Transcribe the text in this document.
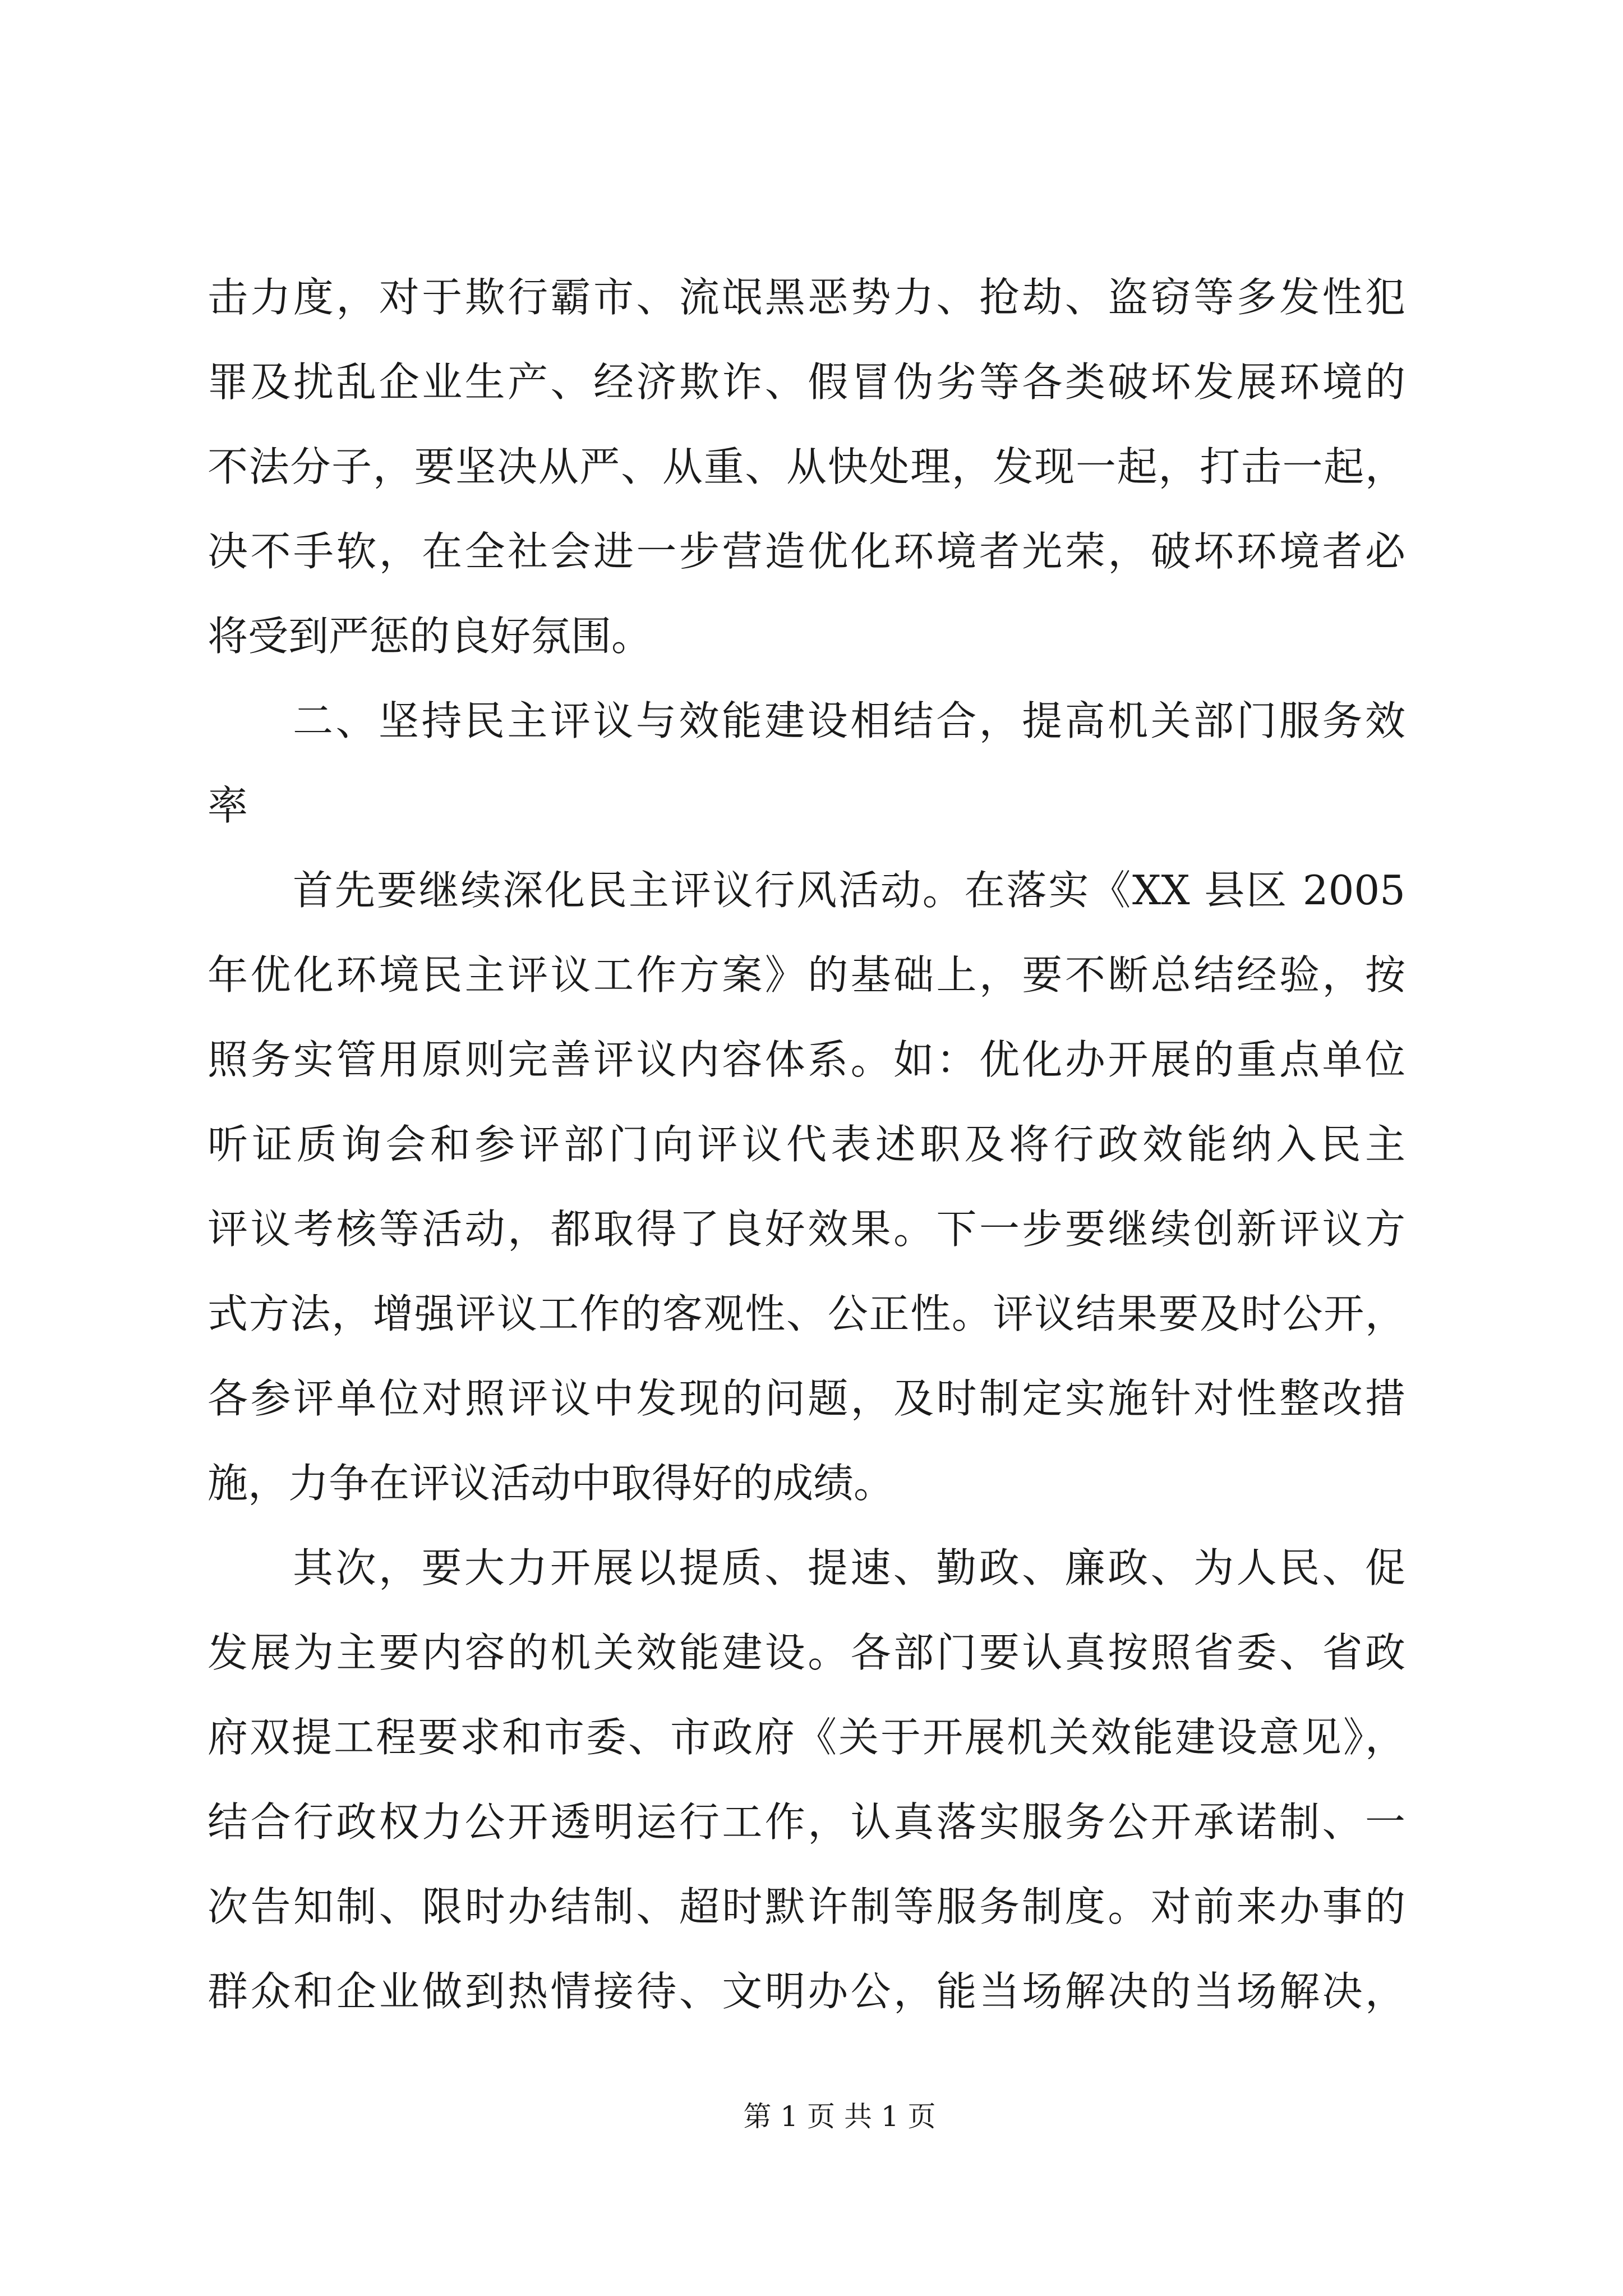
击力度，对于欺行霸市、流氓黑恶势力、抢劫、盗窃等多发性犯
罪及扰乱企业生产、经济欺诈、假冒伪劣等各类破坏发展环境的
不法分子，要坚决从严、从重、从快处理，发现一起，打击一起，
决不手软，在全社会进一步营造优化环境者光荣，破坏环境者必
将受到严惩的良好氛围。
二、坚持民主评议与效能建设相结合，提高机关部门服务效
率
首先要继续深化民主评议行风活动。在落实《XX 县区 2005
年优化环境民主评议工作方案》的基础上，要不断总结经验，按
照务实管用原则完善评议内容体系。如：优化办开展的重点单位
听证质询会和参评部门向评议代表述职及将行政效能纳入民主
评议考核等活动，都取得了良好效果。下一步要继续创新评议方
式方法，增强评议工作的客观性、公正性。评议结果要及时公开，
各参评单位对照评议中发现的问题，及时制定实施针对性整改措
施，力争在评议活动中取得好的成绩。
其次，要大力开展以提质、提速、勤政、廉政、为人民、促
发展为主要内容的机关效能建设。各部门要认真按照省委、省政
府双提工程要求和市委、市政府《关于开展机关效能建设意见》，
结合行政权力公开透明运行工作，认真落实服务公开承诺制、一
次告知制、限时办结制、超时默许制等服务制度。对前来办事的
群众和企业做到热情接待、文明办公，能当场解决的当场解决，
第 1 页 共 1 页
